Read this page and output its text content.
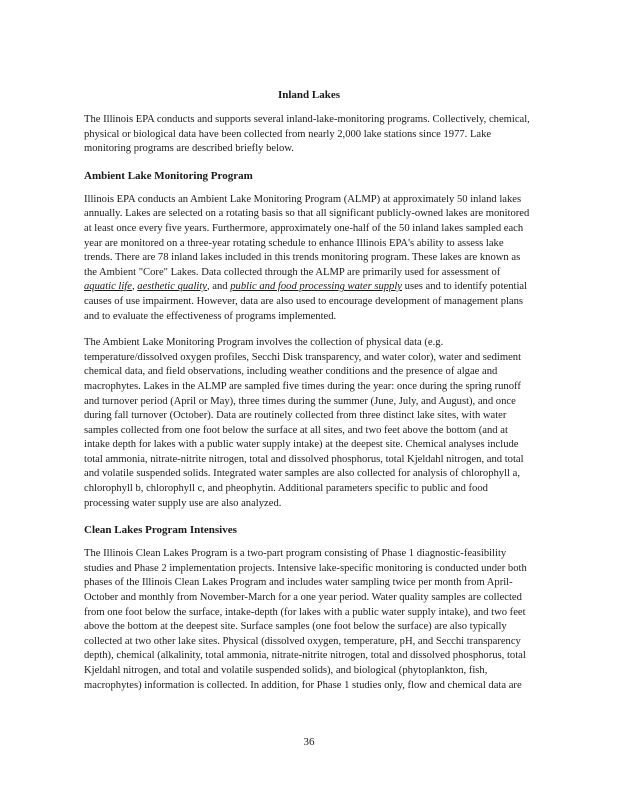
Inland Lakes

The Illinois EPA conducts and supports several inland-lake-monitoring programs. Collectively, chemical, physical or biological data have been collected from nearly 2,000 lake stations since 1977. Lake monitoring programs are described briefly below.

Ambient Lake Monitoring Program

Illinois EPA conducts an Ambient Lake Monitoring Program (ALMP) at approximately 50 inland lakes annually. Lakes are selected on a rotating basis so that all significant publicly-owned lakes are monitored at least once every five years. Furthermore, approximately one-half of the 50 inland lakes sampled each year are monitored on a three-year rotating schedule to enhance Illinois EPA's ability to assess lake trends. There are 78 inland lakes included in this trends monitoring program. These lakes are known as the Ambient "Core" Lakes. Data collected through the ALMP are primarily used for assessment of aquatic life, aesthetic quality, and public and food processing water supply uses and to identify potential causes of use impairment. However, data are also used to encourage development of management plans and to evaluate the effectiveness of programs implemented.

The Ambient Lake Monitoring Program involves the collection of physical data (e.g. temperature/dissolved oxygen profiles, Secchi Disk transparency, and water color), water and sediment chemical data, and field observations, including weather conditions and the presence of algae and macrophytes. Lakes in the ALMP are sampled five times during the year: once during the spring runoff and turnover period (April or May), three times during the summer (June, July, and August), and once during fall turnover (October). Data are routinely collected from three distinct lake sites, with water samples collected from one foot below the surface at all sites, and two feet above the bottom (and at intake depth for lakes with a public water supply intake) at the deepest site. Chemical analyses include total ammonia, nitrate-nitrite nitrogen, total and dissolved phosphorus, total Kjeldahl nitrogen, and total and volatile suspended solids. Integrated water samples are also collected for analysis of chlorophyll a, chlorophyll b, chlorophyll c, and pheophytin. Additional parameters specific to public and food processing water supply use are also analyzed.

Clean Lakes Program Intensives

The Illinois Clean Lakes Program is a two-part program consisting of Phase 1 diagnostic-feasibility studies and Phase 2 implementation projects. Intensive lake-specific monitoring is conducted under both phases of the Illinois Clean Lakes Program and includes water sampling twice per month from April-October and monthly from November-March for a one year period. Water quality samples are collected from one foot below the surface, intake-depth (for lakes with a public water supply intake), and two feet above the bottom at the deepest site. Surface samples (one foot below the surface) are also typically collected at two other lake sites. Physical (dissolved oxygen, temperature, pH, and Secchi transparency depth), chemical (alkalinity, total ammonia, nitrate-nitrite nitrogen, total and dissolved phosphorus, total Kjeldahl nitrogen, and total and volatile suspended solids), and biological (phytoplankton, fish, macrophytes) information is collected. In addition, for Phase 1 studies only, flow and chemical data are

36
